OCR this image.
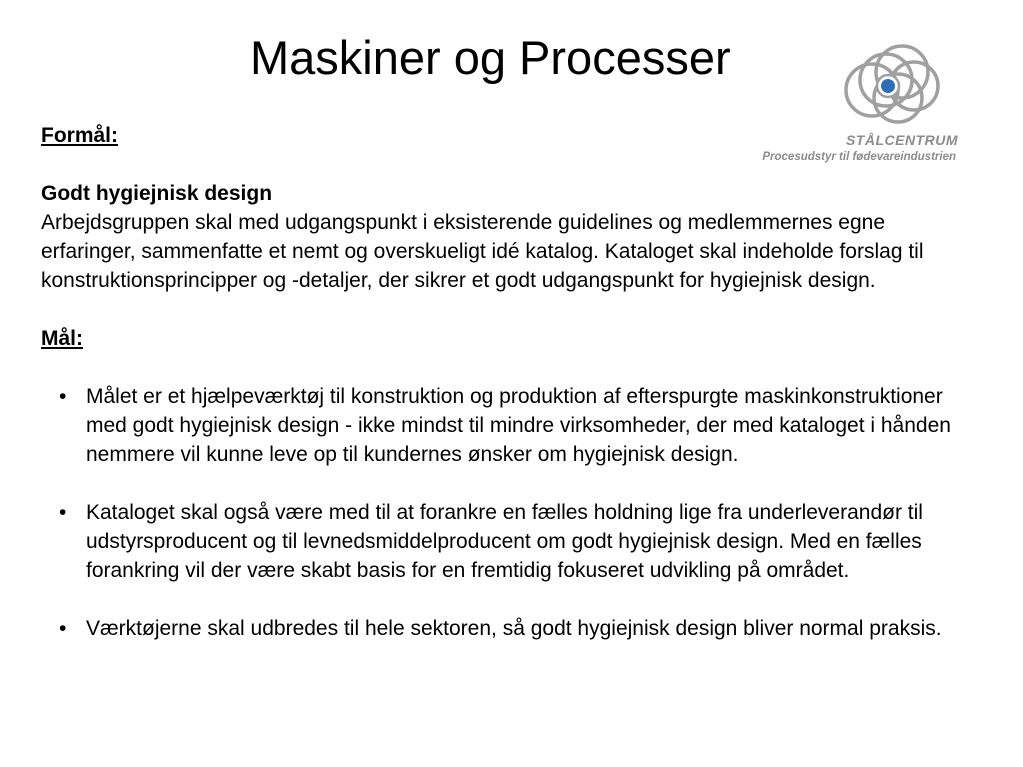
Maskiner og Processer
STÅLCENTRUM
Procesudstyr til fødevareindustrien

Formål:

Godt hygiejnisk design

Arbejdsgruppen skal med udgangspunkt i eksisterende guidelines og medlemmernes egne erfaringer, sammenfatte et nemt og overskueligt idé katalog. Kataloget skal indeholde forslag til konstruktionsprincipper og -detaljer, der sikrer et godt udgangspunkt for hygiejnisk design.

Mål:

• Målet er et hjælpeværktøj til konstruktion og produktion af efterspurgte maskinkonstruktioner med godt hygiejnisk design - ikke mindst til mindre virksomheder, der med kataloget i hånden nemmere vil kunne leve op til kundernes ønsker om hygiejnisk design.
• Kataloget skal også være med til at forankre en fælles holdning lige fra underleverandør til udstyrsproducent og til levnedsmiddelproducent om godt hygiejnisk design. Med en fælles forankring vil der være skabt basis for en fremtidig fokuseret udvikling på området.
• Værktøjerne skal udbredes til hele sektoren, så godt hygiejnisk design bliver normal praksis.
